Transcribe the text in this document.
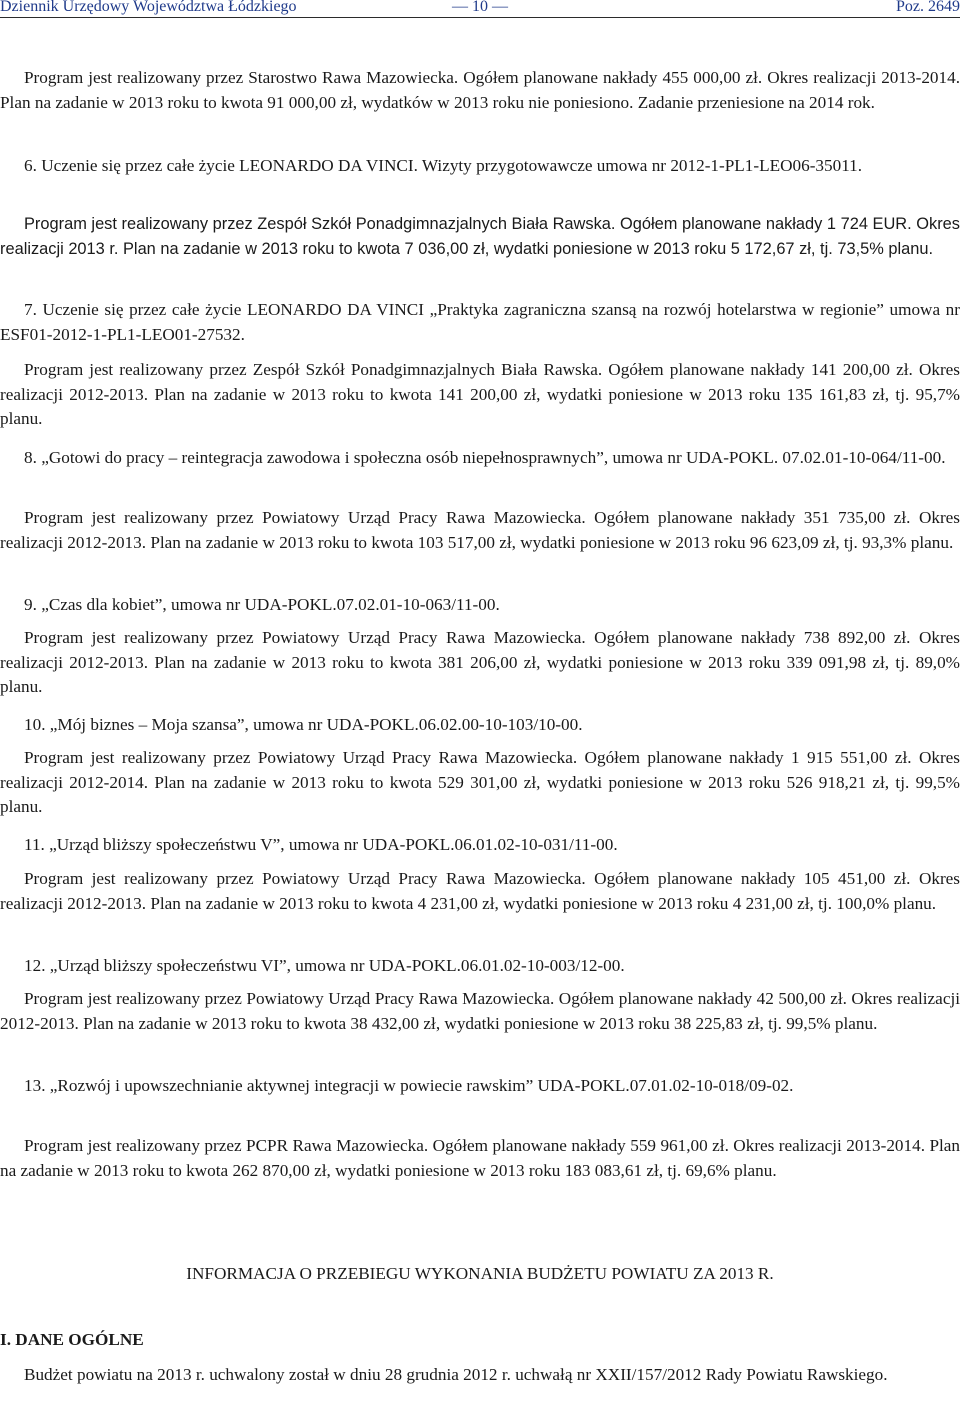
Dziennik Urzędowy Województwa Łódzkiego	— 10 —	Poz. 2649

Program jest realizowany przez Starostwo Rawa Mazowiecka. Ogółem planowane nakłady 455 000,00 zł. Okres realizacji 2013-2014. Plan na zadanie w 2013 roku to kwota 91 000,00 zł, wydatków w 2013 roku nie poniesiono. Zadanie przeniesione na 2014 rok.

6. Uczenie się przez całe życie LEONARDO DA VINCI. Wizyty przygotowawcze umowa nr 2012-1-PL1-LEO06-35011.

Program jest realizowany przez Zespół Szkół Ponadgimnazjalnych Biała Rawska. Ogółem planowane nakłady 1 724 EUR. Okres realizacji 2013 r. Plan na zadanie w 2013 roku to kwota 7 036,00 zł, wydatki poniesione w 2013 roku 5 172,67 zł, tj. 73,5% planu.

7. Uczenie się przez całe życie LEONARDO DA VINCI „Praktyka zagraniczna szansą na rozwój hotelarstwa w regionie” umowa nr ESF01-2012-1-PL1-LEO01-27532.

Program jest realizowany przez Zespół Szkół Ponadgimnazjalnych Biała Rawska. Ogółem planowane nakłady 141 200,00 zł. Okres realizacji 2012-2013. Plan na zadanie w 2013 roku to kwota 141 200,00 zł, wydatki poniesione w 2013 roku 135 161,83 zł, tj. 95,7% planu.

8. „Gotowi do pracy – reintegracja zawodowa i społeczna osób niepełnosprawnych”, umowa nr UDA-POKL. 07.02.01-10-064/11-00.

Program jest realizowany przez Powiatowy Urząd Pracy Rawa Mazowiecka. Ogółem planowane nakłady 351 735,00 zł. Okres realizacji 2012-2013. Plan na zadanie w 2013 roku to kwota 103 517,00 zł, wydatki poniesione w 2013 roku 96 623,09 zł, tj. 93,3% planu.

9. „Czas dla kobiet”, umowa nr UDA-POKL.07.02.01-10-063/11-00.

Program jest realizowany przez Powiatowy Urząd Pracy Rawa Mazowiecka. Ogółem planowane nakłady 738 892,00 zł. Okres realizacji 2012-2013. Plan na zadanie w 2013 roku to kwota 381 206,00 zł, wydatki poniesione w 2013 roku 339 091,98 zł, tj. 89,0% planu.

10. „Mój biznes – Moja szansa”, umowa nr UDA-POKL.06.02.00-10-103/10-00.

Program jest realizowany przez Powiatowy Urząd Pracy Rawa Mazowiecka. Ogółem planowane nakłady 1 915 551,00 zł. Okres realizacji 2012-2014. Plan na zadanie w 2013 roku to kwota 529 301,00 zł, wydatki poniesione w 2013 roku 526 918,21 zł, tj. 99,5% planu.

11. „Urząd bliższy społeczeństwu V”, umowa nr UDA-POKL.06.01.02-10-031/11-00.

Program jest realizowany przez Powiatowy Urząd Pracy Rawa Mazowiecka. Ogółem planowane nakłady 105 451,00 zł. Okres realizacji 2012-2013. Plan na zadanie w 2013 roku to kwota 4 231,00 zł, wydatki poniesione w 2013 roku 4 231,00 zł, tj. 100,0% planu.

12. „Urząd bliższy społeczeństwu VI”, umowa nr UDA-POKL.06.01.02-10-003/12-00.

Program jest realizowany przez Powiatowy Urząd Pracy Rawa Mazowiecka. Ogółem planowane nakłady 42 500,00 zł. Okres realizacji 2012-2013. Plan na zadanie w 2013 roku to kwota 38 432,00 zł, wydatki poniesione w 2013 roku 38 225,83 zł, tj. 99,5% planu.

13. „Rozwój i upowszechnianie aktywnej integracji w powiecie rawskim” UDA-POKL.07.01.02-10-018/09-02.

Program jest realizowany przez PCPR Rawa Mazowiecka. Ogółem planowane nakłady 559 961,00 zł. Okres realizacji 2013-2014. Plan na zadanie w 2013 roku to kwota 262 870,00 zł, wydatki poniesione w 2013 roku 183 083,61 zł, tj. 69,6% planu.

INFORMACJA O PRZEBIEGU WYKONANIA BUDŻETU POWIATU ZA 2013 R.

I. DANE OGÓLNE

Budżet powiatu na 2013 r. uchwalony został w dniu 28 grudnia 2012 r. uchwałą nr XXII/157/2012 Rady Powiatu Rawskiego.
